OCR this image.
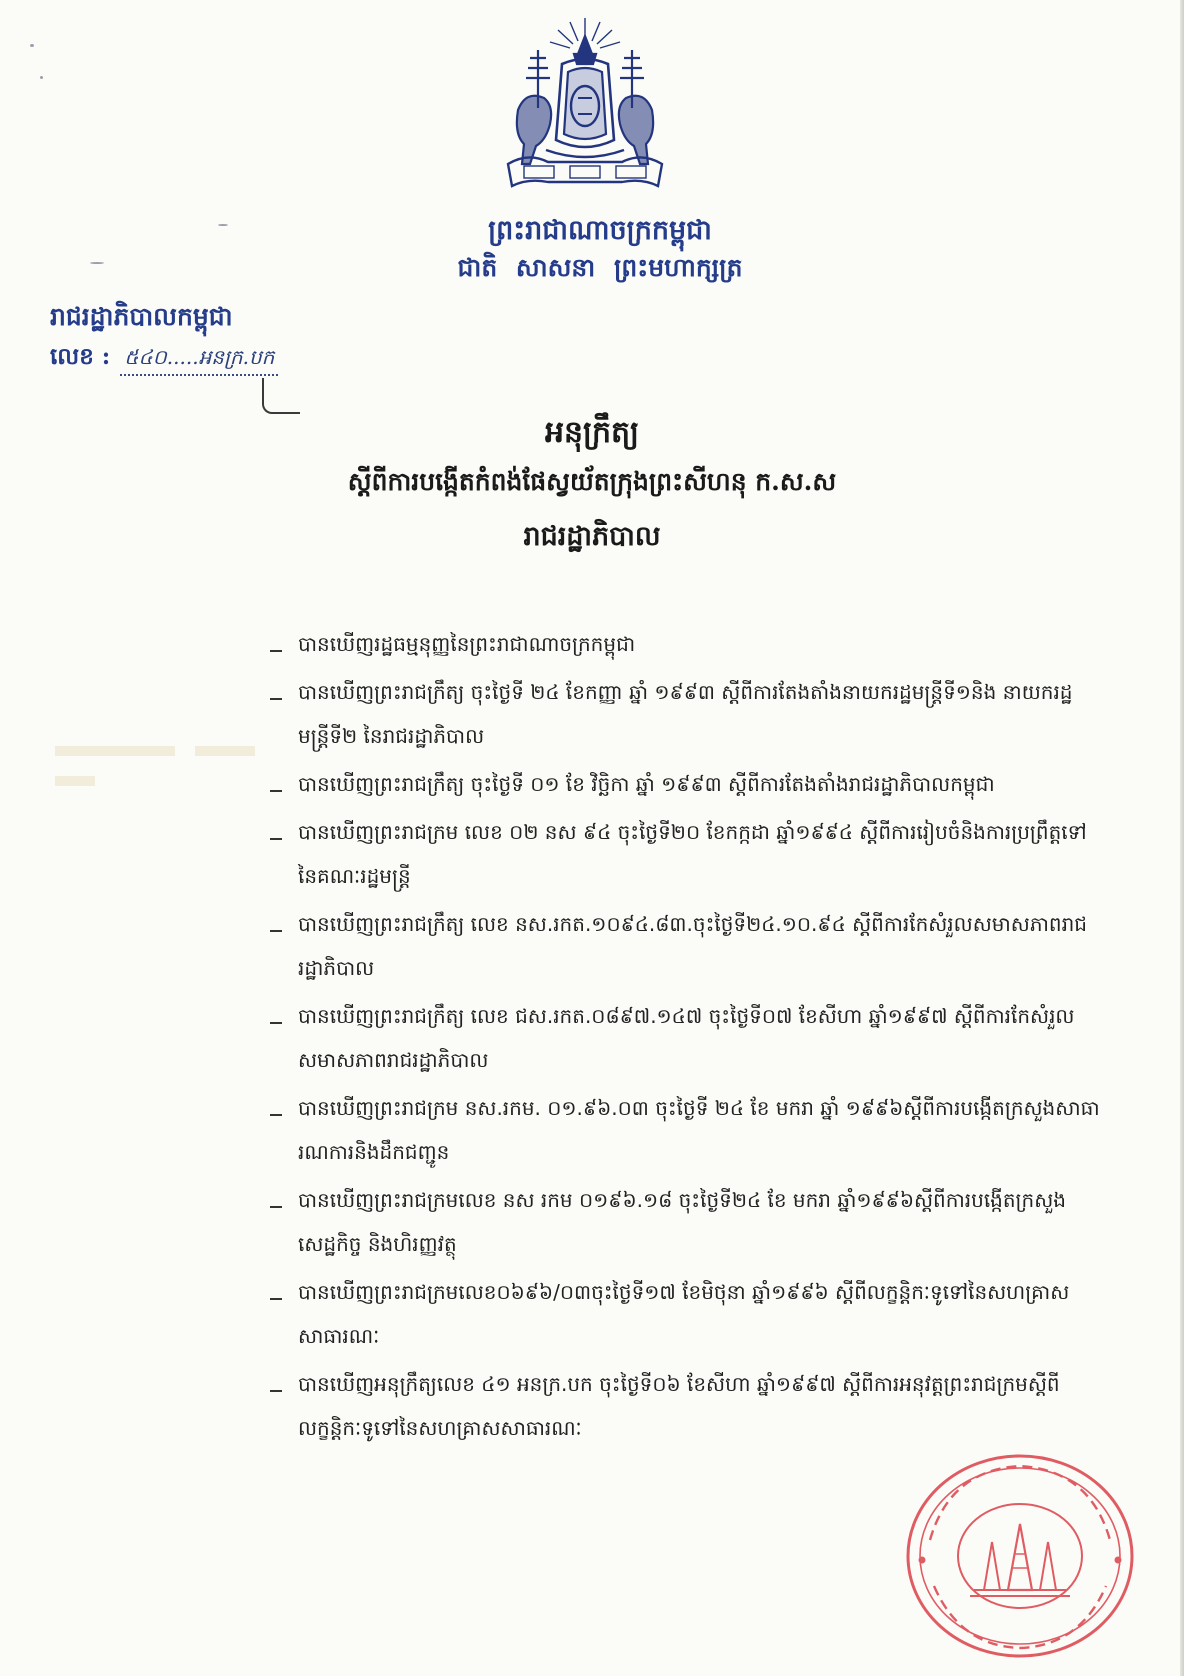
ព្រះរាជាណាចក្រកម្ពុជា
ជាតិ សាសនា ព្រះមហាក្សត្រ
រាជរដ្ឋាភិបាលកម្ពុជា
លេខ : ៥៤០.....អនក្រ.បក
អនុក្រឹត្យ
ស្តីពីការបង្កើតកំពង់ផែស្វយ័តក្រុងព្រះសីហនុ ក.ស.ស
រាជរដ្ឋាភិបាល
បានឃើញរដ្ឋធម្មនុញ្ញនៃព្រះរាជាណាចក្រកម្ពុជា
បានឃើញព្រះរាជក្រឹត្យ ចុះថ្ងៃទី ២៤ ខែកញ្ញា ឆ្នាំ ១៩៩៣ ស្តីពីការតែងតាំងនាយករដ្ឋមន្ត្រីទី១និង នាយករដ្ឋមន្ត្រីទី២ នៃរាជរដ្ឋាភិបាល
បានឃើញព្រះរាជក្រឹត្យ ចុះថ្ងៃទី ០១ ខែ វិច្ឆិកា ឆ្នាំ ១៩៩៣ ស្តីពីការតែងតាំងរាជរដ្ឋាភិបាលកម្ពុជា
បានឃើញព្រះរាជក្រម លេខ ០២ នស ៩៤ ចុះថ្ងៃទី២០ ខែកក្កដា ឆ្នាំ១៩៩៤ ស្តីពីការរៀបចំនិងការប្រព្រឹត្តទៅ នៃគណៈរដ្ឋមន្ត្រី
បានឃើញព្រះរាជក្រឹត្យ លេខ នស.រកត.១០៩៤.៨៣.ចុះថ្ងៃទី២៤.១០.៩៤ ស្តីពីការកែសំរួលសមាសភាពរាជរដ្ឋាភិបាល
បានឃើញព្រះរាជក្រឹត្យ លេខ ជស.រកត.០៨៩៧.១៤៧ ចុះថ្ងៃទី០៧ ខែសីហា ឆ្នាំ១៩៩៧ ស្តីពីការកែសំរួលសមាសភាពរាជរដ្ឋាភិបាល
បានឃើញព្រះរាជក្រម នស.រកម. ០១.៩៦.០៣ ចុះថ្ងៃទី ២៤ ខែ មករា ឆ្នាំ ១៩៩៦ស្តីពីការបង្កើតក្រសួងសាធារណការនិងដឹកជញ្ជូន
បានឃើញព្រះរាជក្រមលេខ នស រកម ០១៩៦.១៨ ចុះថ្ងៃទី២៤ ខែ មករា ឆ្នាំ១៩៩៦ស្តីពីការបង្កើតក្រសួងសេដ្ឋកិច្ច និងហិរញ្ញវត្ថុ
បានឃើញព្រះរាជក្រមលេខ០៦៩៦/០៣ចុះថ្ងៃទី១៧ ខែមិថុនា ឆ្នាំ១៩៩៦ ស្តីពីលក្ខន្តិកៈទូទៅនៃសហគ្រាសសាធារណៈ
បានឃើញអនុក្រឹត្យលេខ ៤១ អនក្រ.បក ចុះថ្ងៃទី០៦ ខែសីហា ឆ្នាំ១៩៩៧ ស្តីពីការអនុវត្តព្រះរាជក្រមស្តីពីលក្ខន្តិកៈទូទៅនៃសហគ្រាសសាធារណៈ
